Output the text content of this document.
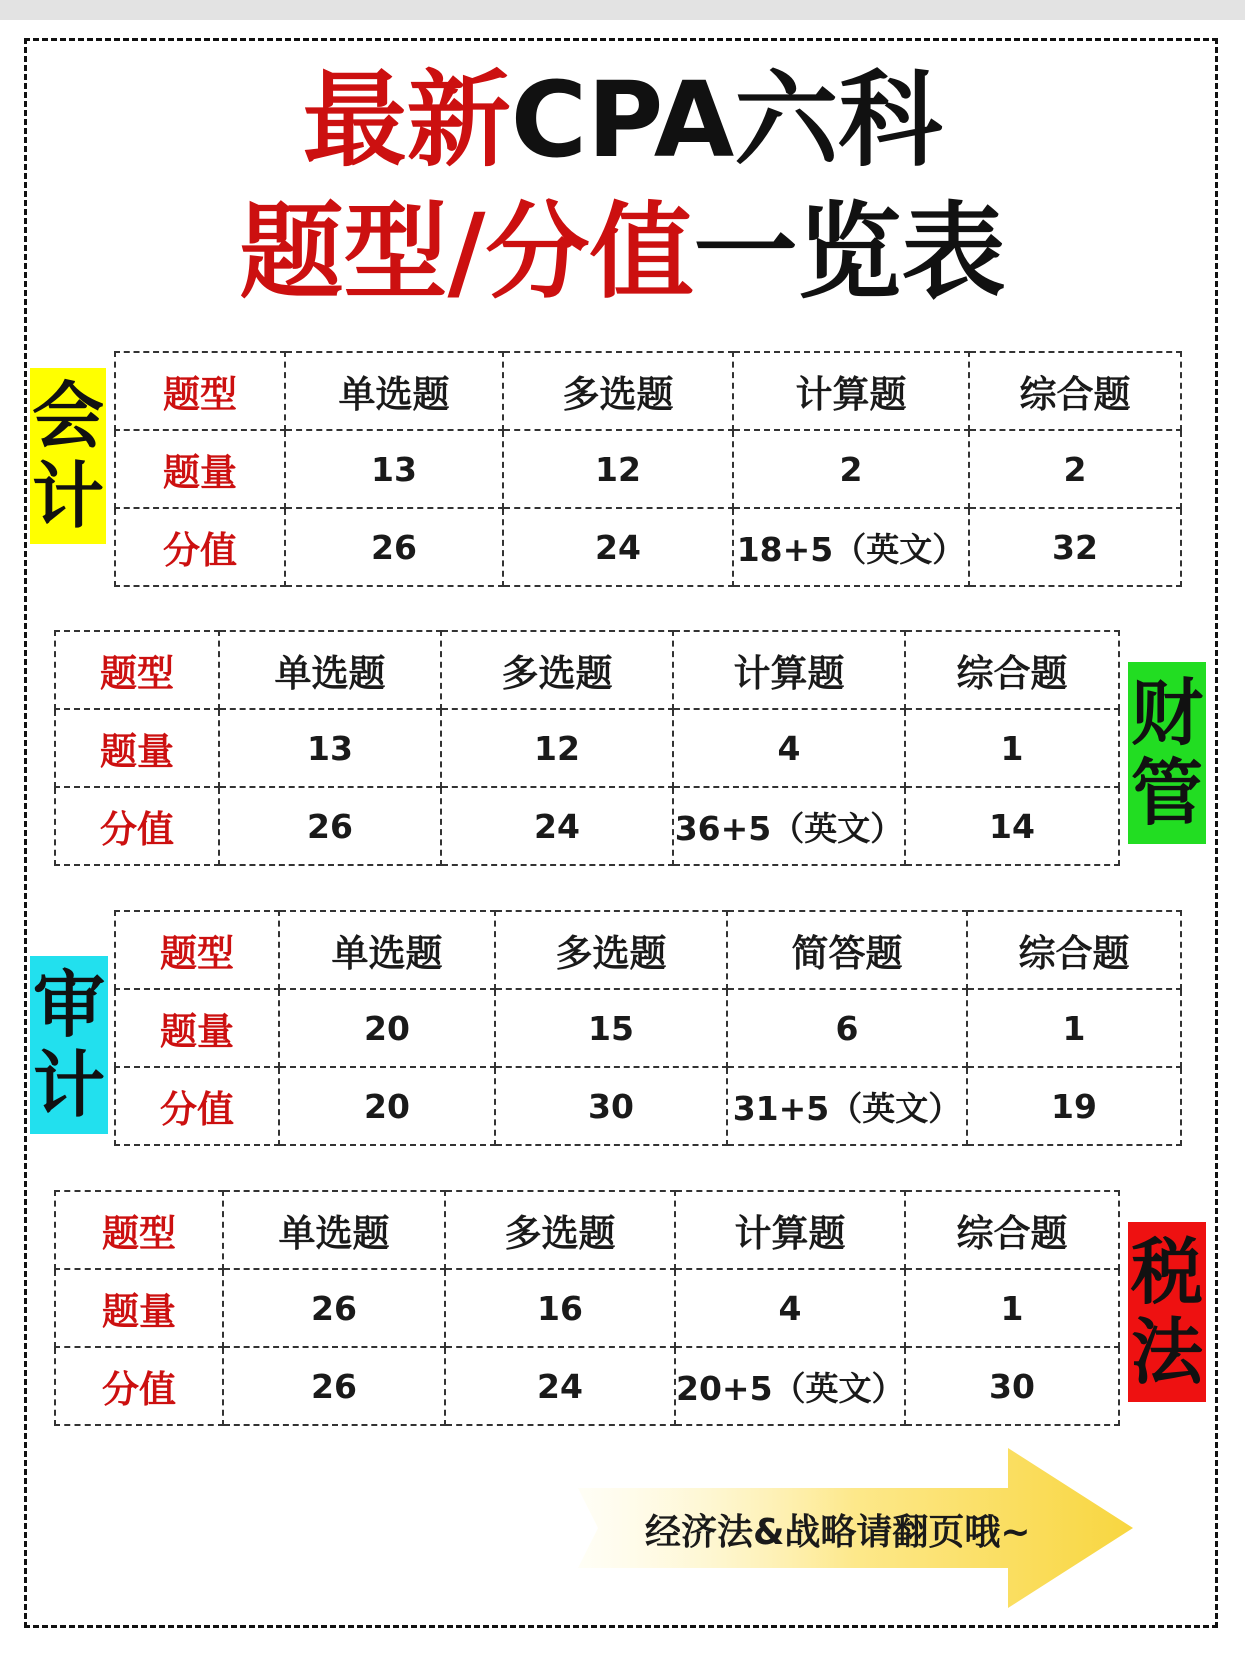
最新CPA六科
题型/分值一览表
会
计
题型	单选题	多选题	计算题	综合题
题量	13	12	2	2
分值	26	24	18+5（英文）	32
题型	单选题	多选题	计算题	综合题
题量	13	12	4	1
分值	26	24	36+5（英文）	14
财
管
审
计
题型	单选题	多选题	简答题	综合题
题量	20	15	6	1
分值	20	30	31+5（英文）	19
题型	单选题	多选题	计算题	综合题
题量	26	16	4	1
分值	26	24	20+5（英文）	30
税
法
经济法&战略请翻页哦~
